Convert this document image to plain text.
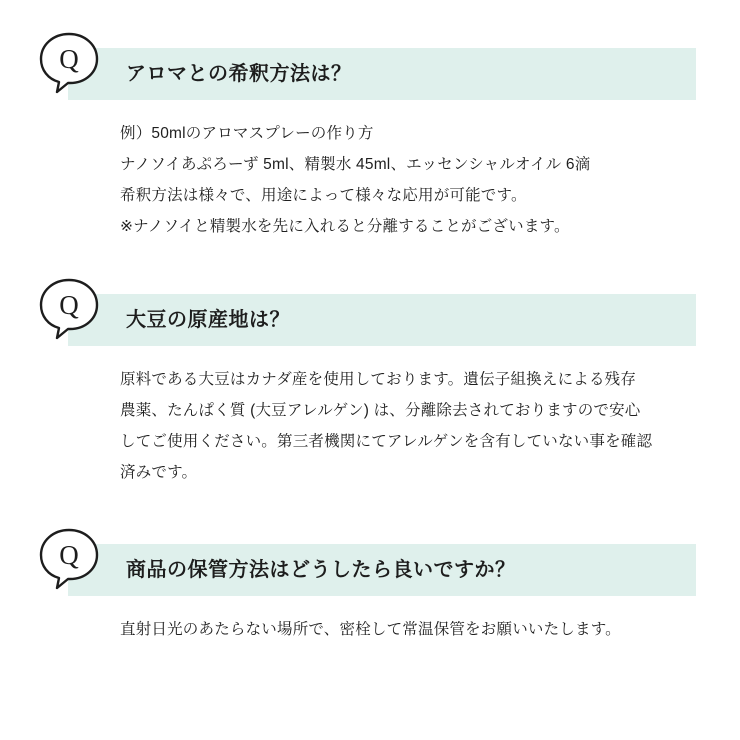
Q	アロマとの希釈方法は？
例）50mlのアロマスプレーの作り方
ナノソイあぷろーず 5ml、精製水 45ml、エッセンシャルオイル 6滴
希釈方法は様々で、用途によって様々な応用が可能です。
※ナノソイと精製水を先に入れると分離することがございます。
Q	大豆の原産地は？
原料である大豆はカナダ産を使用しております。遺伝子組換えによる残存
農薬、たんぱく質 (大豆アレルゲン) は、分離除去されておりますので安心
してご使用ください。第三者機関にてアレルゲンを含有していない事を確認
済みです。
Q	商品の保管方法はどうしたら良いですか？
直射日光のあたらない場所で、密栓して常温保管をお願いいたします。
